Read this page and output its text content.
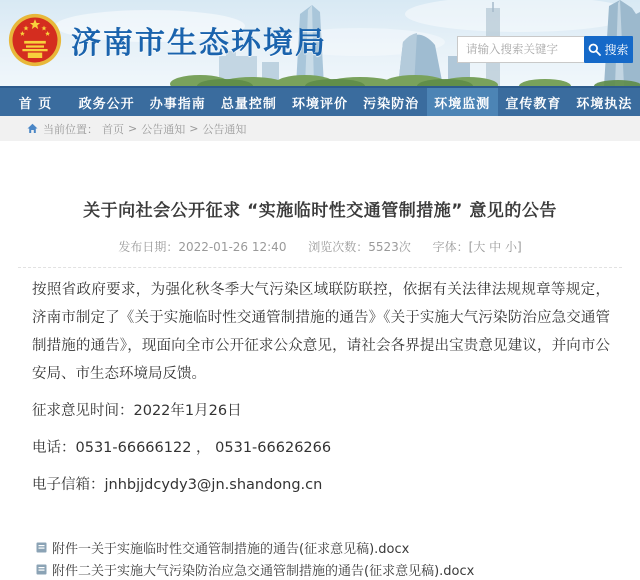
济南市生态环境局
请输入搜索关键字	搜索
首 页	政务公开	办事指南	总量控制	环境评价	污染防治	环境监测	宣传教育	环境执法
当前位置： 首页 > 公告通知 > 公告通知
关于向社会公开征求 “实施临时性交通管制措施” 意见的公告
发布日期：2022-01-26 12:40 浏览次数：5523次 字体：[大 中 小]

按照省政府要求，为强化秋冬季大气污染区域联防联控，依据有关法律法规规章等规定，济南市制定了《关于实施临时性交通管制措施的通告》《关于实施大气污染防治应急交通管制措施的通告》，现面向全市公开征求公众意见，请社会各界提出宝贵意见建议，并向市公安局、市生态环境局反馈。

征求意见时间：2022年1月26日

电话：0531-66666122 ， 0531-66626266

电子信箱：jnhbjjdcydy3@jn.shandong.cn

附件一关于实施临时性交通管制措施的通告(征求意见稿).docx
附件二关于实施大气污染防治应急交通管制措施的通告(征求意见稿).docx
